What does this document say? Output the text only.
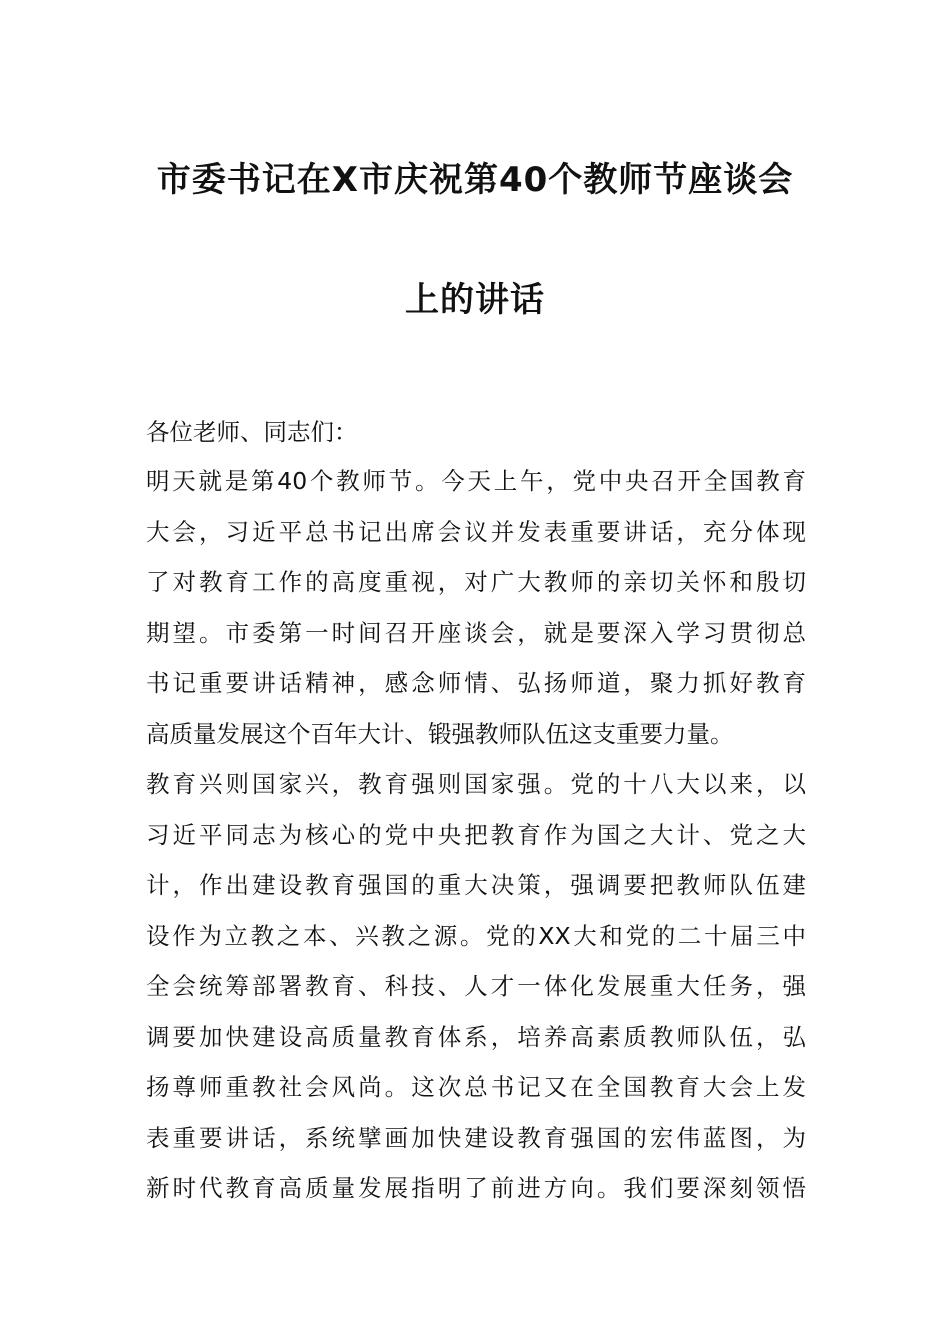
市委书记在X市庆祝第40个教师节座谈会
上的讲话
各位老师、同志们：
明天就是第40个教师节。今天上午，党中央召开全国教育
大会，习近平总书记出席会议并发表重要讲话，充分体现
了对教育工作的高度重视，对广大教师的亲切关怀和殷切
期望。市委第一时间召开座谈会，就是要深入学习贯彻总
书记重要讲话精神，感念师情、弘扬师道，聚力抓好教育
高质量发展这个百年大计、锻强教师队伍这支重要力量。
教育兴则国家兴，教育强则国家强。党的十八大以来，以
习近平同志为核心的党中央把教育作为国之大计、党之大
计，作出建设教育强国的重大决策，强调要把教师队伍建
设作为立教之本、兴教之源。党的XX大和党的二十届三中
全会统筹部署教育、科技、人才一体化发展重大任务，强
调要加快建设高质量教育体系，培养高素质教师队伍，弘
扬尊师重教社会风尚。这次总书记又在全国教育大会上发
表重要讲话，系统擘画加快建设教育强国的宏伟蓝图，为
新时代教育高质量发展指明了前进方向。我们要深刻领悟
